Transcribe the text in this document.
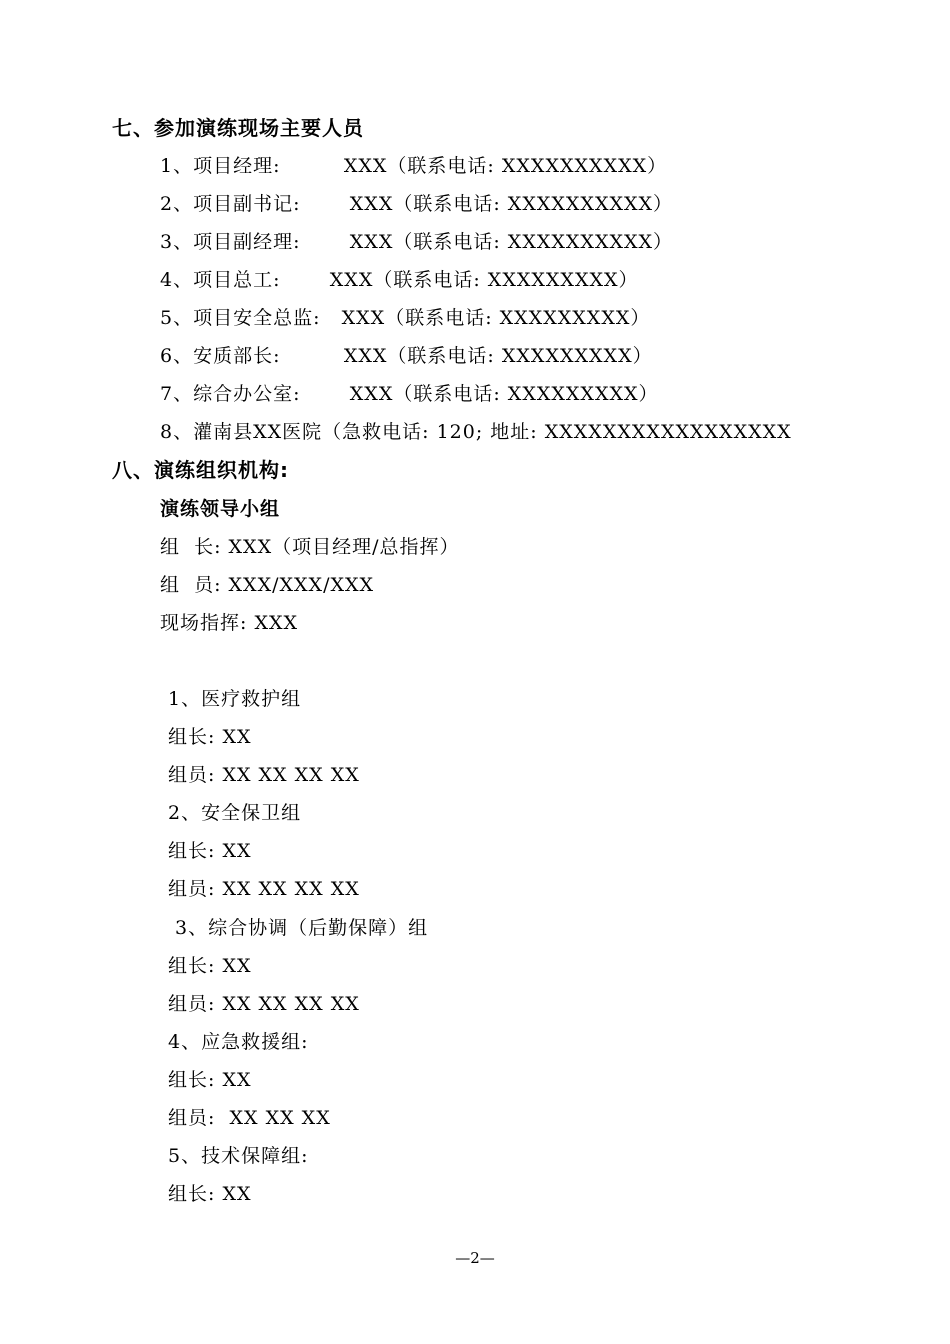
七、参加演练现场主要人员
1、项目经理:         XXX（联系电话: XXXXXXXXXX）
2、项目副书记:       XXX（联系电话: XXXXXXXXXX）
3、项目副经理:       XXX（联系电话: XXXXXXXXXX）
4、项目总工:       XXX（联系电话: XXXXXXXXX）
5、项目安全总监:   XXX（联系电话: XXXXXXXXX）
6、安质部长:         XXX（联系电话: XXXXXXXXX）
7、综合办公室:       XXX（联系电话: XXXXXXXXX）
8、灌南县XX医院（急救电话: 120; 地址: XXXXXXXXXXXXXXXXX
八、演练组织机构:
演练领导小组
组  长: XXX（项目经理/总指挥）
组  员: XXX/XXX/XXX
现场指挥: XXX
1、医疗救护组
组长: XX
组员: XX XX XX XX
2、安全保卫组
组长: XX
组员: XX XX XX XX
3、综合协调（后勤保障）组
组长: XX
组员: XX XX XX XX
4、应急救援组:
组长: XX
组员:  XX XX XX
5、技术保障组:
组长: XX
—2—
